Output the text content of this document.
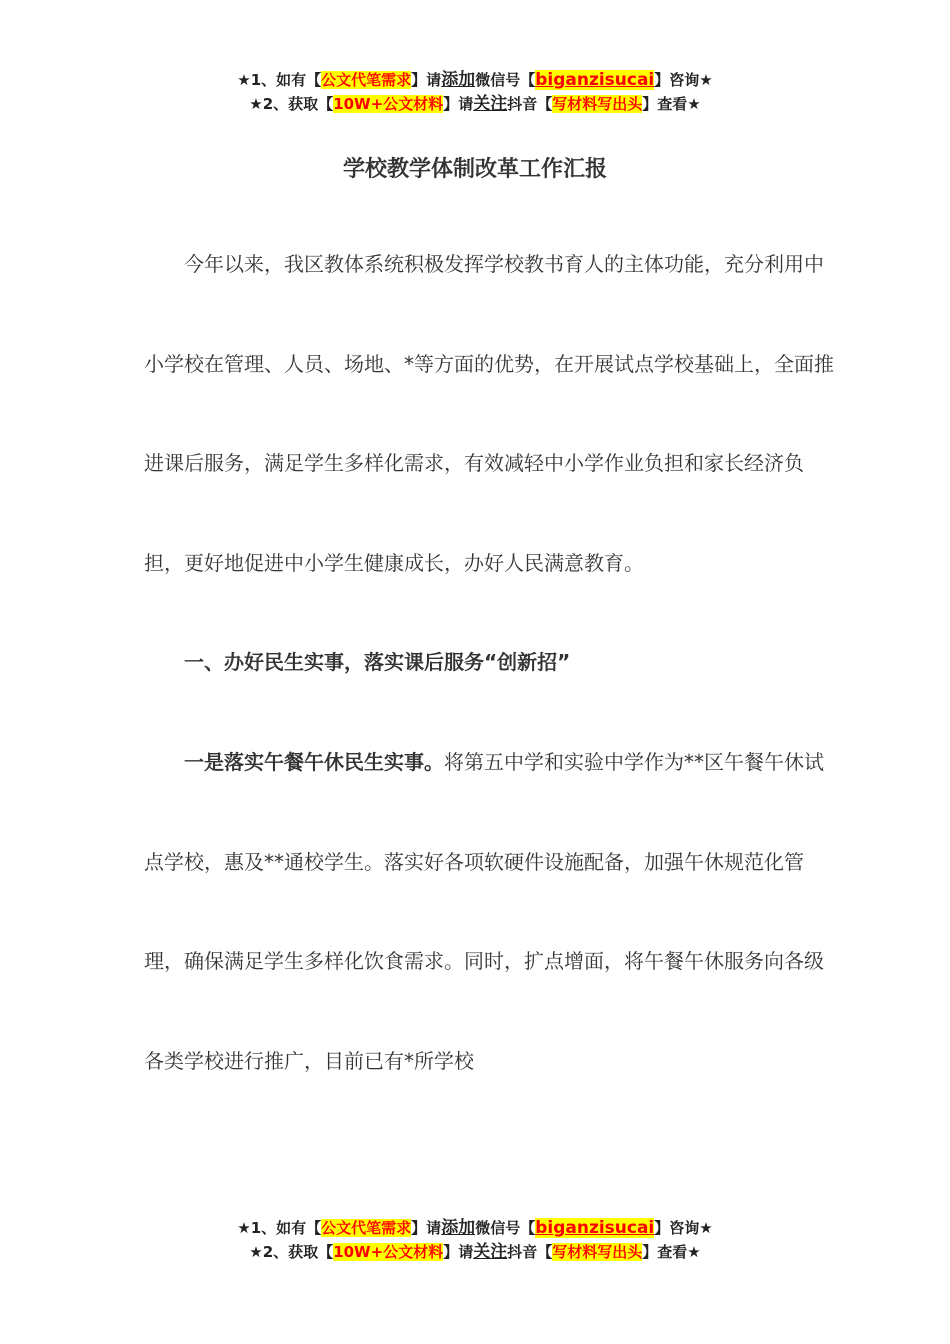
★1、如有【公文代笔需求】请添加微信号【biganzisucai】咨询★
★2、获取【10W+公文材料】请关注抖音【写材料写出头】查看★
学校教学体制改革工作汇报

今年以来，我区教体系统积极发挥学校教书育人的主体功能，充分利用中小学校在管理、人员、场地、*等方面的优势，在开展试点学校基础上，全面推进课后服务，满足学生多样化需求，有效减轻中小学作业负担和家长经济负担，更好地促进中小学生健康成长，办好人民满意教育。

一、办好民生实事，落实课后服务“创新招”

一是落实午餐午休民生实事。将第五中学和实验中学作为**区午餐午休试点学校，惠及**通校学生。落实好各项软硬件设施配备，加强午休规范化管理，确保满足学生多样化饮食需求。同时，扩点增面，将午餐午休服务向各级各类学校进行推广，目前已有*所学校

★1、如有【公文代笔需求】请添加微信号【biganzisucai】咨询★
★2、获取【10W+公文材料】请关注抖音【写材料写出头】查看★
